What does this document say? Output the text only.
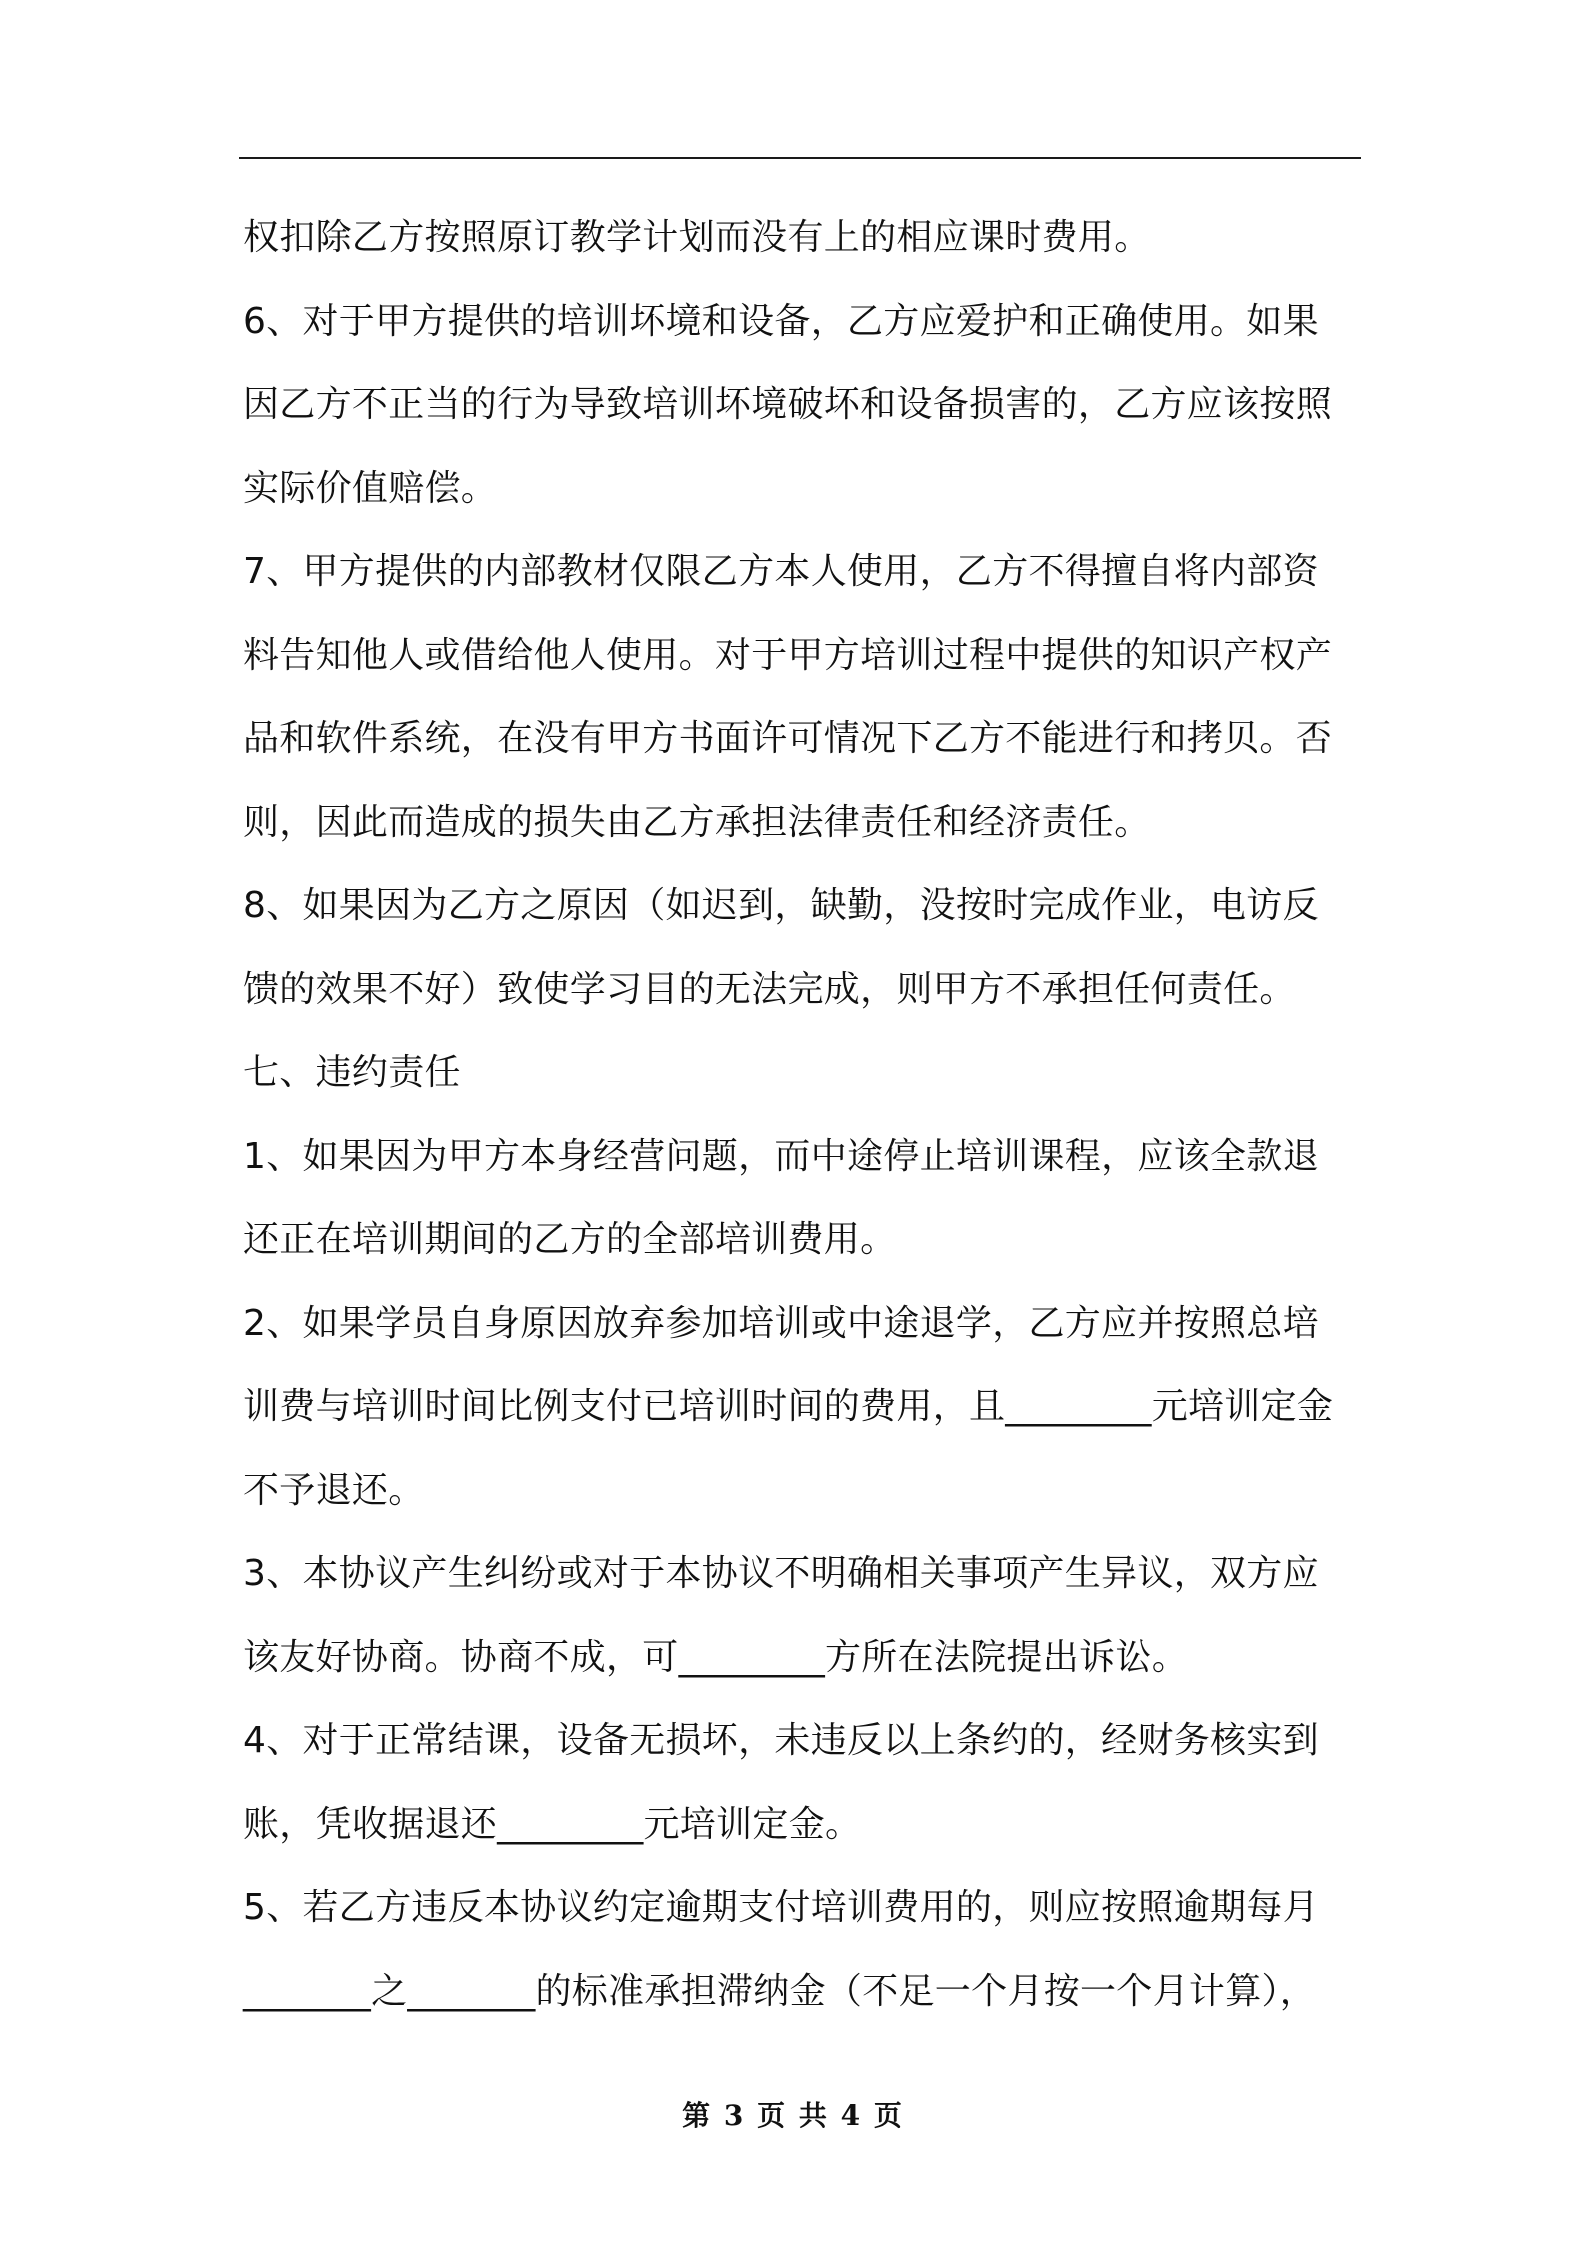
权扣除乙方按照原订教学计划而没有上的相应课时费用。
6、对于甲方提供的培训坏境和设备，乙方应爱护和正确使用。如果
因乙方不正当的行为导致培训坏境破坏和设备损害的，乙方应该按照
实际价值赔偿。
7、甲方提供的内部教材仅限乙方本人使用，乙方不得擅自将内部资
料告知他人或借给他人使用。对于甲方培训过程中提供的知识产权产
品和软件系统，在没有甲方书面许可情况下乙方不能进行和拷贝。否
则，因此而造成的损失由乙方承担法律责任和经济责任。
8、如果因为乙方之原因（如迟到，缺勤，没按时完成作业，电访反
馈的效果不好）致使学习目的无法完成，则甲方不承担任何责任。
七、违约责任
1、如果因为甲方本身经营问题，而中途停止培训课程，应该全款退
还正在培训期间的乙方的全部培训费用。
2、如果学员自身原因放弃参加培训或中途退学，乙方应并按照总培
训费与培训时间比例支付已培训时间的费用，且________元培训定金
不予退还。
3、本协议产生纠纷或对于本协议不明确相关事项产生异议，双方应
该友好协商。协商不成，可________方所在法院提出诉讼。
4、对于正常结课，设备无损坏，未违反以上条约的，经财务核实到
账，凭收据退还________元培训定金。
5、若乙方违反本协议约定逾期支付培训费用的，则应按照逾期每月
_______之_______的标准承担滞纳金（不足一个月按一个月计算），
第 3 页 共 4 页
